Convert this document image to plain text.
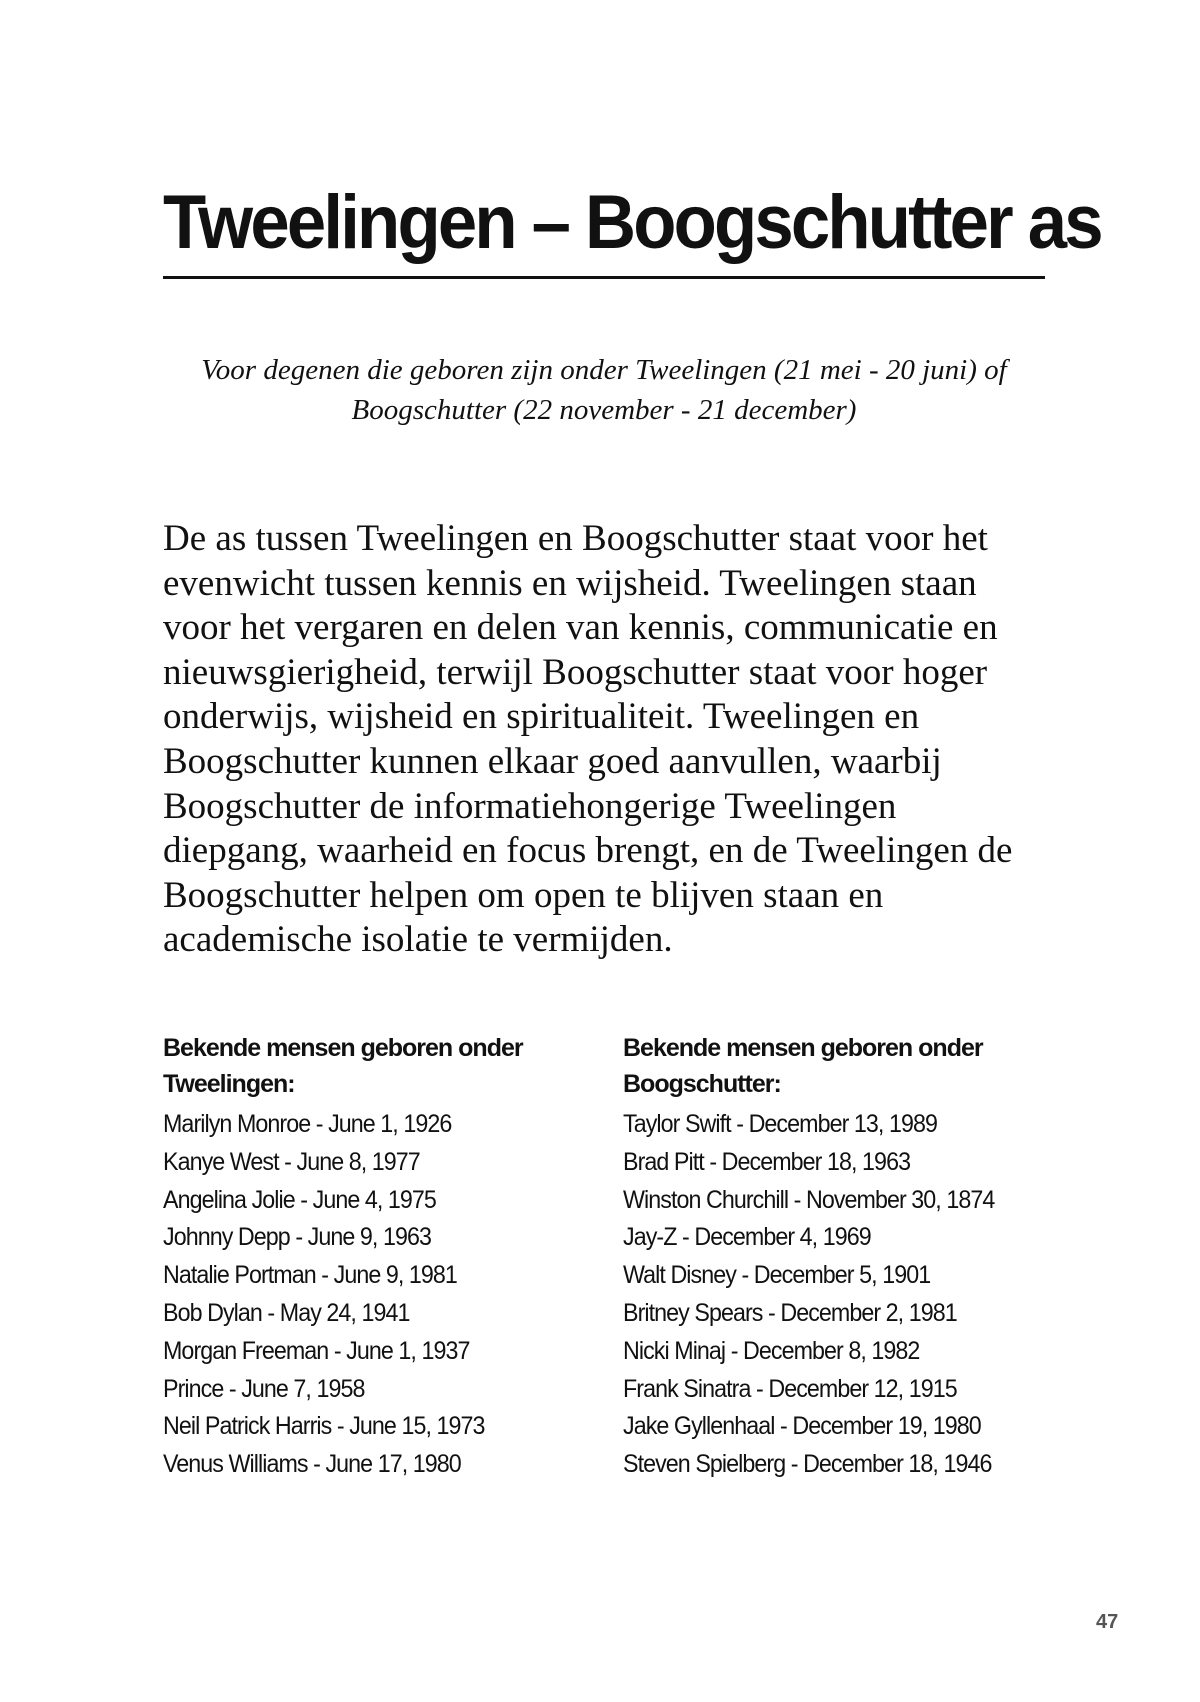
Tweelingen – Boogschutter as

Voor degenen die geboren zijn onder Tweelingen (21 mei - 20 juni) of Boogschutter (22 november - 21 december)

De as tussen Tweelingen en Boogschutter staat voor het evenwicht tussen kennis en wijsheid. Tweelingen staan voor het vergaren en delen van kennis, communicatie en nieuwsgierigheid, terwijl Boogschutter staat voor hoger onderwijs, wijsheid en spiritualiteit. Tweelingen en Boogschutter kunnen elkaar goed aanvullen, waarbij Boogschutter de informatiehongerige Tweelingen diepgang, waarheid en focus brengt, en de Tweelingen de Boogschutter helpen om open te blijven staan en academische isolatie te vermijden.

Bekende mensen geboren onder Tweelingen:

Marilyn Monroe - June 1, 1926
Kanye West - June 8, 1977
Angelina Jolie - June 4, 1975
Johnny Depp - June 9, 1963
Natalie Portman - June 9, 1981
Bob Dylan - May 24, 1941
Morgan Freeman - June 1, 1937
Prince - June 7, 1958
Neil Patrick Harris - June 15, 1973
Venus Williams - June 17, 1980

Bekende mensen geboren onder Boogschutter:

Taylor Swift - December 13, 1989
Brad Pitt - December 18, 1963
Winston Churchill - November 30, 1874
Jay-Z - December 4, 1969
Walt Disney - December 5, 1901
Britney Spears - December 2, 1981
Nicki Minaj - December 8, 1982
Frank Sinatra - December 12, 1915
Jake Gyllenhaal - December 19, 1980
Steven Spielberg - December 18, 1946
47
